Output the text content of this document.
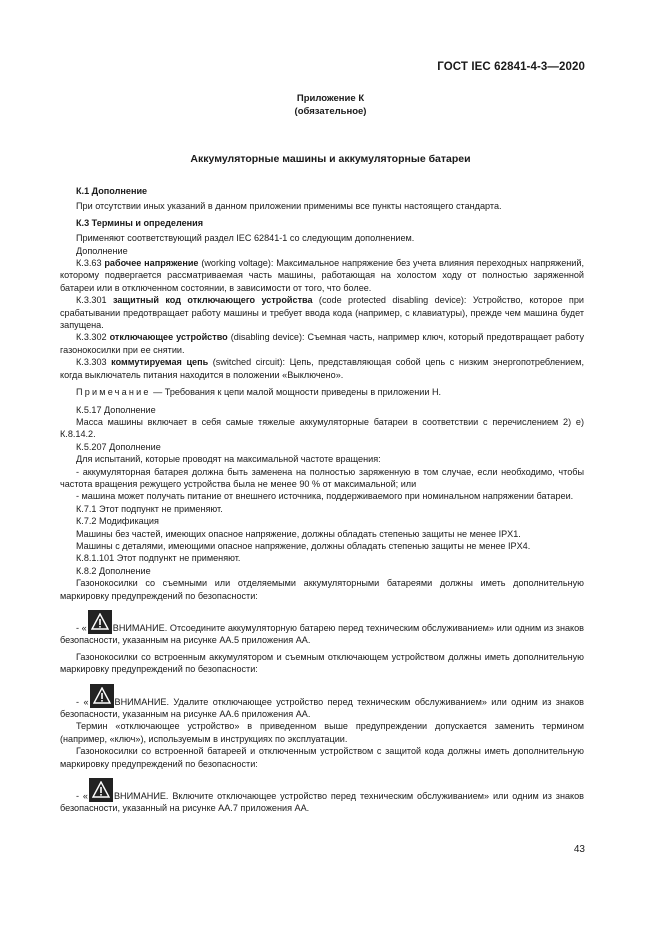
ГОСТ IEC 62841-4-3—2020
Приложение К
(обязательное)
Аккумуляторные машины и аккумуляторные батареи

К.1 Дополнение

При отсутствии иных указаний в данном приложении применимы все пункты настоящего стандарта.

К.3 Термины и определения

Применяют соответствующий раздел IEC 62841-1 со следующим дополнением.

Дополнение

К.3.63 рабочее напряжение (working voltage): Максимальное напряжение без учета влияния переходных напряжений, которому подвергается рассматриваемая часть машины, работающая на холостом ходу от полностью заряженной батареи или в отключенном состоянии, в зависимости от того, что более.

К.3.301 защитный код отключающего устройства (code protected disabling device): Устройство, которое при срабатывании предотвращает работу машины и требует ввода кода (например, с клавиатуры), прежде чем машина будет запущена.

К.3.302 отключающее устройство (disabling device): Съемная часть, например ключ, который предотвращает работу газонокосилки при ее снятии.

К.3.303 коммутируемая цепь (switched circuit): Цепь, представляющая собой цепь с низким энергопотреблением, когда выключатель питания находится в положении «Выключено».

Примечание — Требования к цепи малой мощности приведены в приложении Н.

К.5.17 Дополнение

Масса машины включает в себя самые тяжелые аккумуляторные батареи в соответствии с перечислением 2) е) К.8.14.2.

К.5.207 Дополнение

Для испытаний, которые проводят на максимальной частоте вращения:

- аккумуляторная батарея должна быть заменена на полностью заряженную в том случае, если необходимо, чтобы частота вращения режущего устройства была не менее 90 % от максимальной; или

- машина может получать питание от внешнего источника, поддерживаемого при номинальном напряжении батареи.

К.7.1 Этот подпункт не применяют.

К.7.2 Модификация

Машины без частей, имеющих опасное напряжение, должны обладать степенью защиты не менее IPX1.

Машины с деталями, имеющими опасное напряжение, должны обладать степенью защиты не менее IPX4.

К.8.1.101 Этот подпункт не применяют.

К.8.2 Дополнение

Газонокосилки со съемными или отделяемыми аккумуляторными батареями должны иметь дополнительную маркировку предупреждений по безопасности:

- «	ВНИМАНИЕ. Отсоедините аккумуляторную батарею перед техническим обслуживанием» или одним из знаков безопасности, указанным на рисунке АА.5 приложения АА.

Газонокосилки со встроенным аккумулятором и съемным отключающем устройством должны иметь дополнительную маркировку предупреждений по безопасности:

- «	ВНИМАНИЕ. Удалите отключающее устройство перед техническим обслуживанием» или одним из знаков безопасности, указанным на рисунке АА.6 приложения АА.

Термин «отключающее устройство» в приведенном выше предупреждении допускается заменить термином (например, «ключ»), используемым в инструкциях по эксплуатации.

Газонокосилки со встроенной батареей и отключенным устройством с защитой кода должны иметь дополнительную маркировку предупреждений по безопасности:

- «	ВНИМАНИЕ. Включите отключающее устройство перед техническим обслуживанием» или одним из знаков безопасности, указанный на рисунке АА.7 приложения АА.

43
